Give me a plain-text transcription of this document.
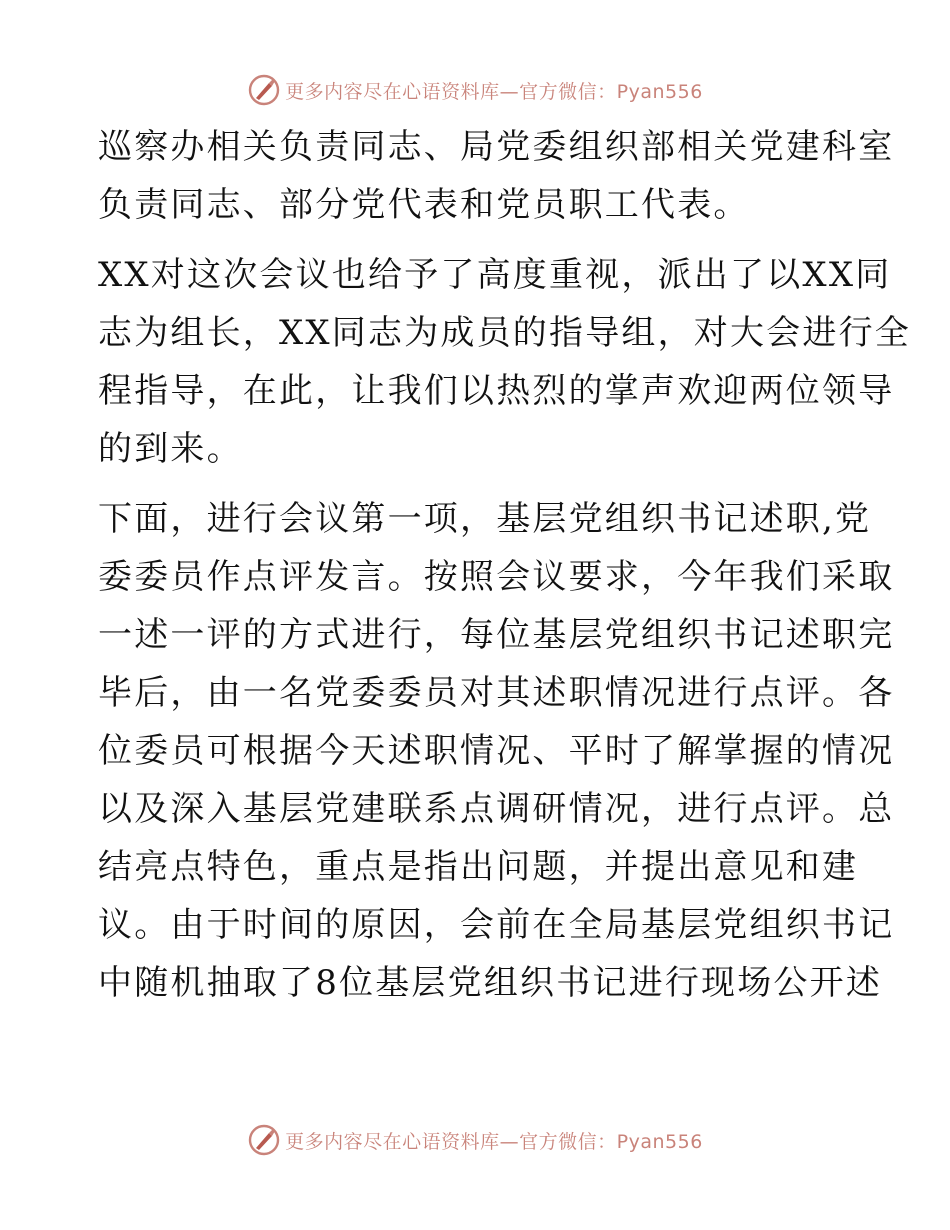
更多内容尽在心语资料库—官方微信：Pyan556

巡察办相关负责同志、局党委组织部相关党建科室
负责同志、部分党代表和党员职工代表。

XX对这次会议也给予了高度重视，派出了以XX同
志为组长，XX同志为成员的指导组，对大会进行全
程指导，在此，让我们以热烈的掌声欢迎两位领导
的到来。

下面，进行会议第一项，基层党组织书记述职,党
委委员作点评发言。按照会议要求，今年我们采取
一述一评的方式进行，每位基层党组织书记述职完
毕后，由一名党委委员对其述职情况进行点评。各
位委员可根据今天述职情况、平时了解掌握的情况
以及深入基层党建联系点调研情况，进行点评。总
结亮点特色，重点是指出问题，并提出意见和建
议。由于时间的原因，会前在全局基层党组织书记
中随机抽取了8位基层党组织书记进行现场公开述

更多内容尽在心语资料库—官方微信：Pyan556
